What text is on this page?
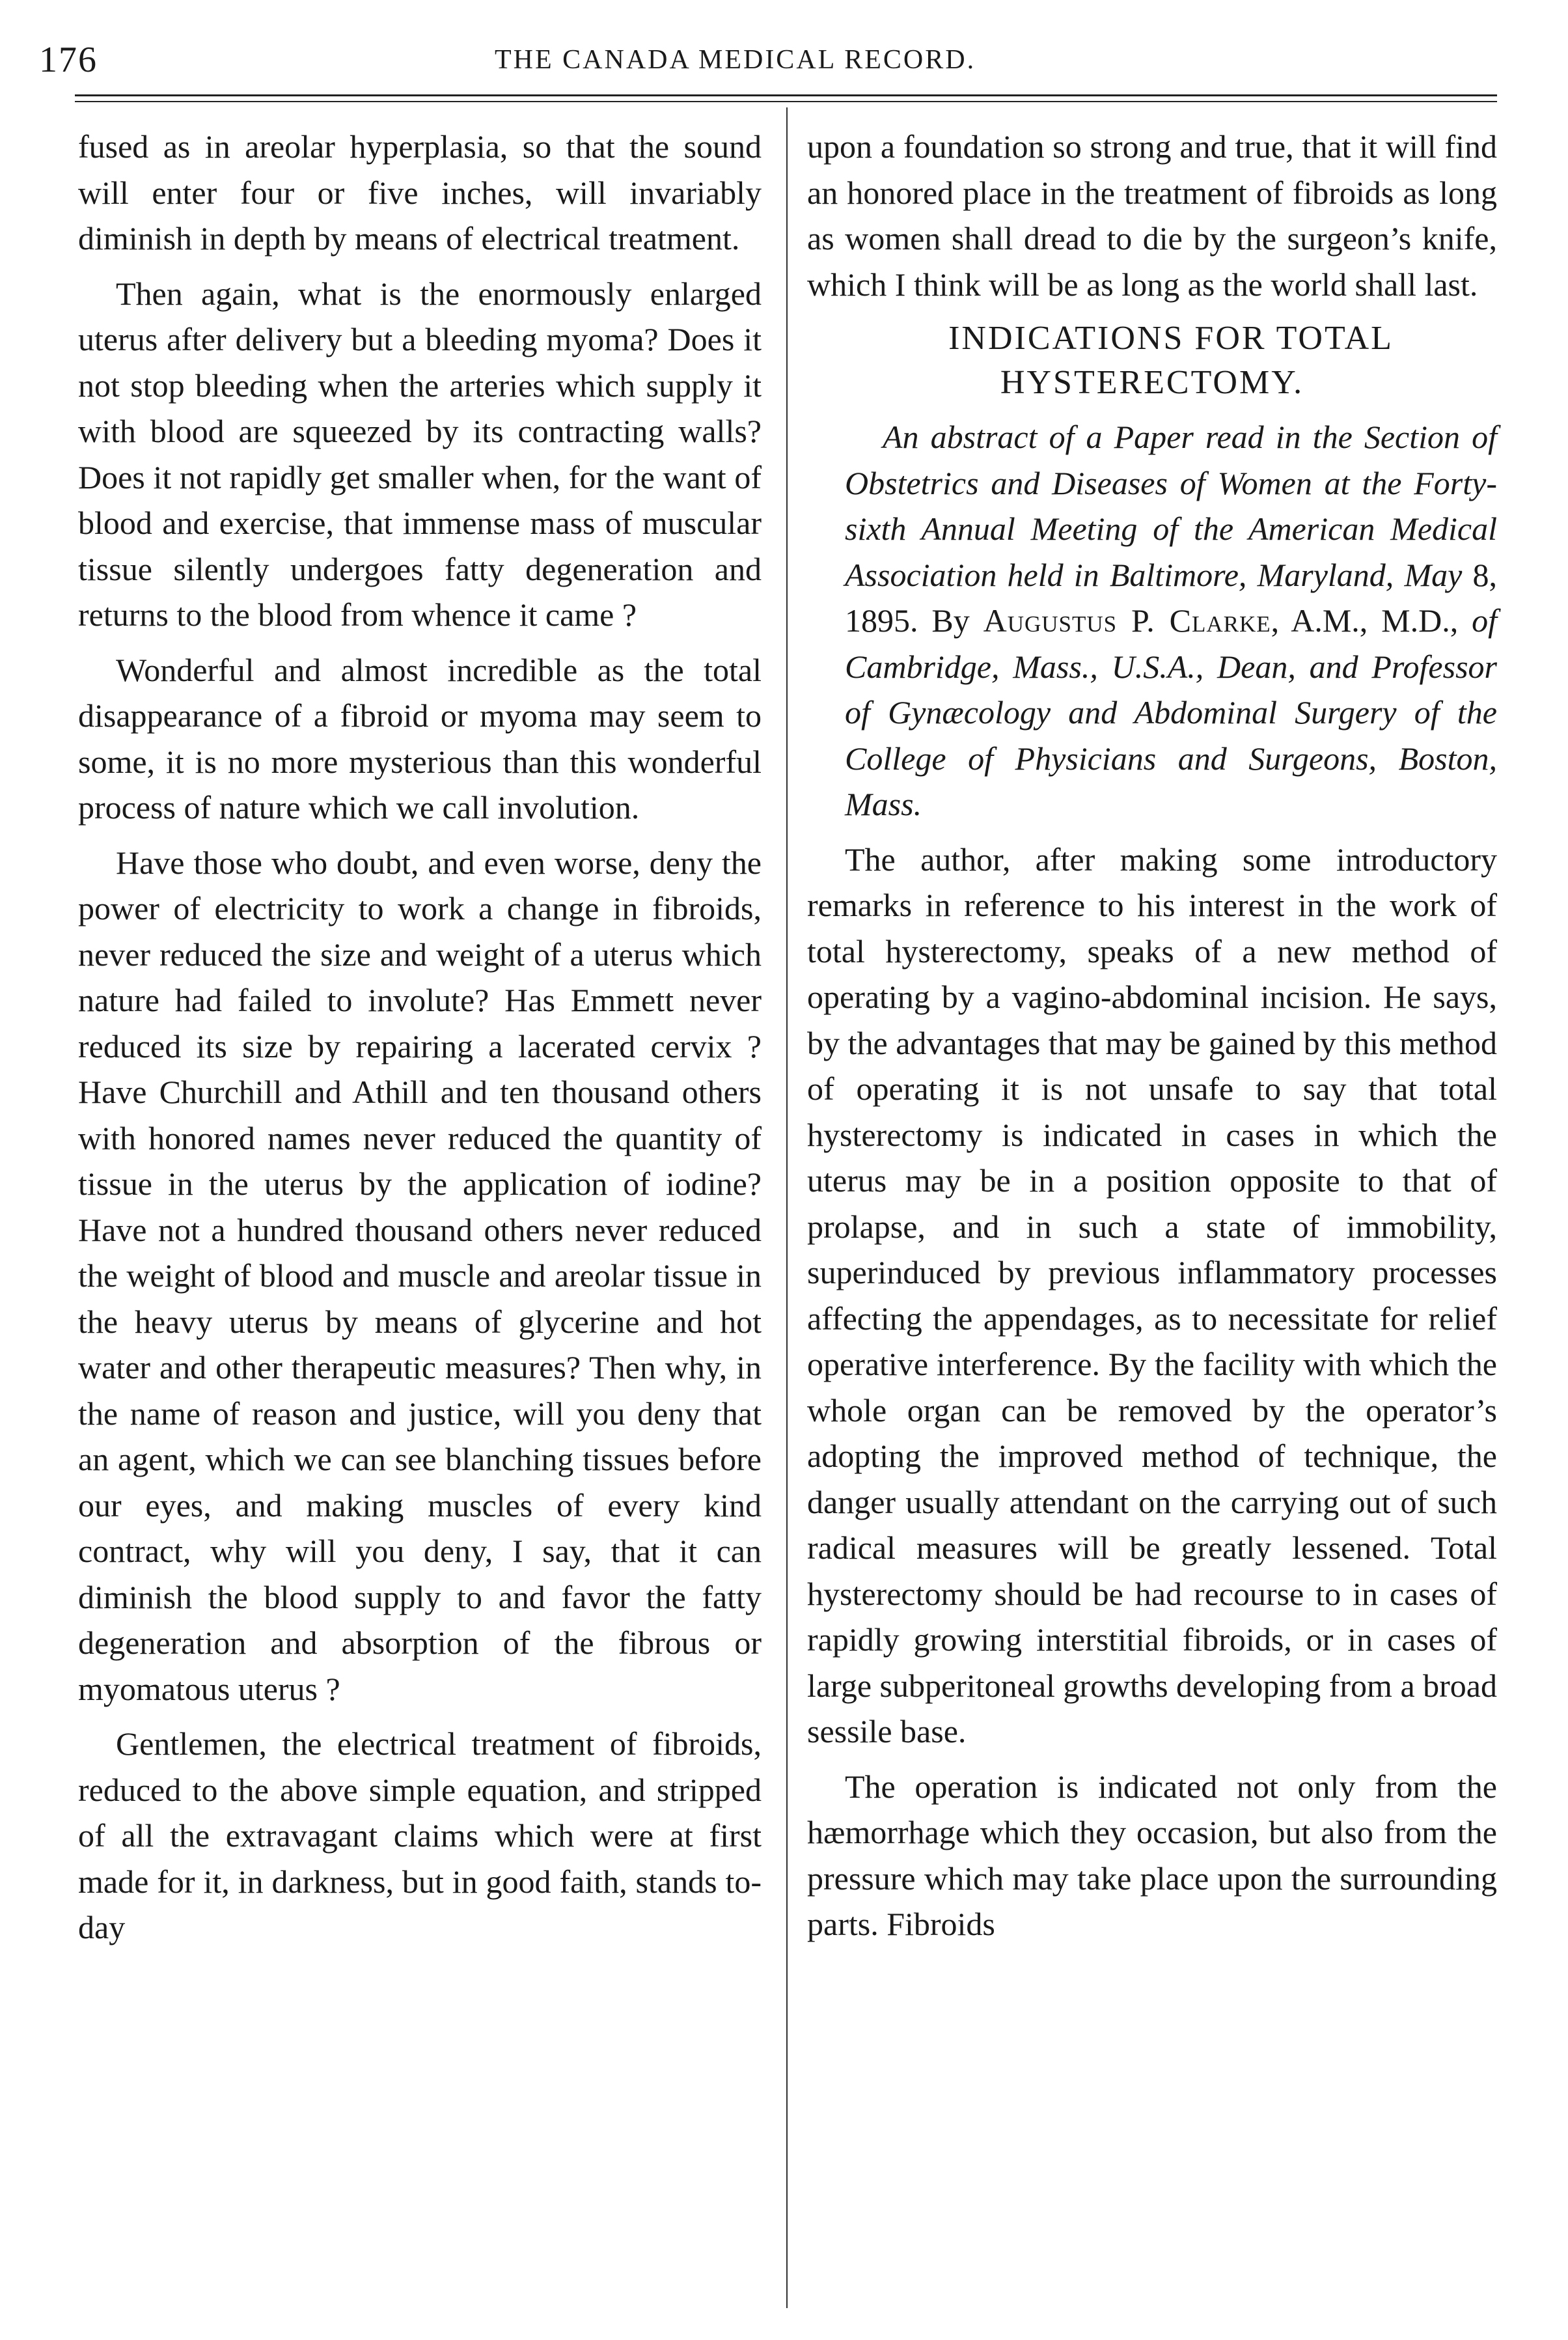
176	THE CANADA MEDICAL RECORD.

fused as in areolar hyperplasia, so that the sound will enter four or five inches, will invariably diminish in depth by means of electrical treatment.

Then again, what is the enormously enlarged uterus after delivery but a bleeding myoma? Does it not stop bleeding when the arteries which supply it with blood are squeezed by its contracting walls? Does it not rapidly get smaller when, for the want of blood and exercise, that immense mass of muscular tissue silently undergoes fatty degeneration and returns to the blood from whence it came ?

Wonderful and almost incredible as the total disappearance of a fibroid or myoma may seem to some, it is no more mysterious than this wonderful process of nature which we call involution.

Have those who doubt, and even worse, deny the power of electricity to work a change in fibroids, never reduced the size and weight of a uterus which nature had failed to involute? Has Emmett never reduced its size by repairing a lacerated cervix ? Have Churchill and Athill and ten thousand others with honored names never reduced the quantity of tissue in the uterus by the application of iodine? Have not a hundred thousand others never reduced the weight of blood and muscle and areolar tissue in the heavy uterus by means of glycerine and hot water and other therapeutic measures? Then why, in the name of reason and justice, will you deny that an agent, which we can see blanching tissues before our eyes, and making muscles of every kind contract, why will you deny, I say, that it can diminish the blood supply to and favor the fatty degeneration and absorption of the fibrous or myomatous uterus ?

Gentlemen, the electrical treatment of fibroids, reduced to the above simple equation, and stripped of all the extravagant claims which were at first made for it, in darkness, but in good faith, stands to-day

upon a foundation so strong and true, that it will find an honored place in the treatment of fibroids as long as women shall dread to die by the surgeon’s knife, which I think will be as long as the world shall last.

INDICATIONS FOR TOTAL HYSTERECTOMY.

An abstract of a Paper read in the Section of Obstetrics and Diseases of Women at the Forty-sixth Annual Meeting of the American Medical Association held in Baltimore, Maryland, May 8, 1895. By Augustus P. Clarke, A.M., M.D., of Cambridge, Mass., U.S.A., Dean, and Professor of Gynæcology and Abdominal Surgery of the College of Physicians and Surgeons, Boston, Mass.

The author, after making some introductory remarks in reference to his interest in the work of total hysterectomy, speaks of a new method of operating by a vagino-abdominal incision. He says, by the advantages that may be gained by this method of operating it is not unsafe to say that total hysterectomy is indicated in cases in which the uterus may be in a position opposite to that of prolapse, and in such a state of immobility, superinduced by previous inflammatory processes affecting the appendages, as to necessitate for relief operative interference. By the facility with which the whole organ can be removed by the operator’s adopting the improved method of technique, the danger usually attendant on the carrying out of such radical measures will be greatly lessened. Total hysterectomy should be had recourse to in cases of rapidly growing interstitial fibroids, or in cases of large subperitoneal growths developing from a broad sessile base.

The operation is indicated not only from the hæmorrhage which they occasion, but also from the pressure which may take place upon the surrounding parts. Fibroids
